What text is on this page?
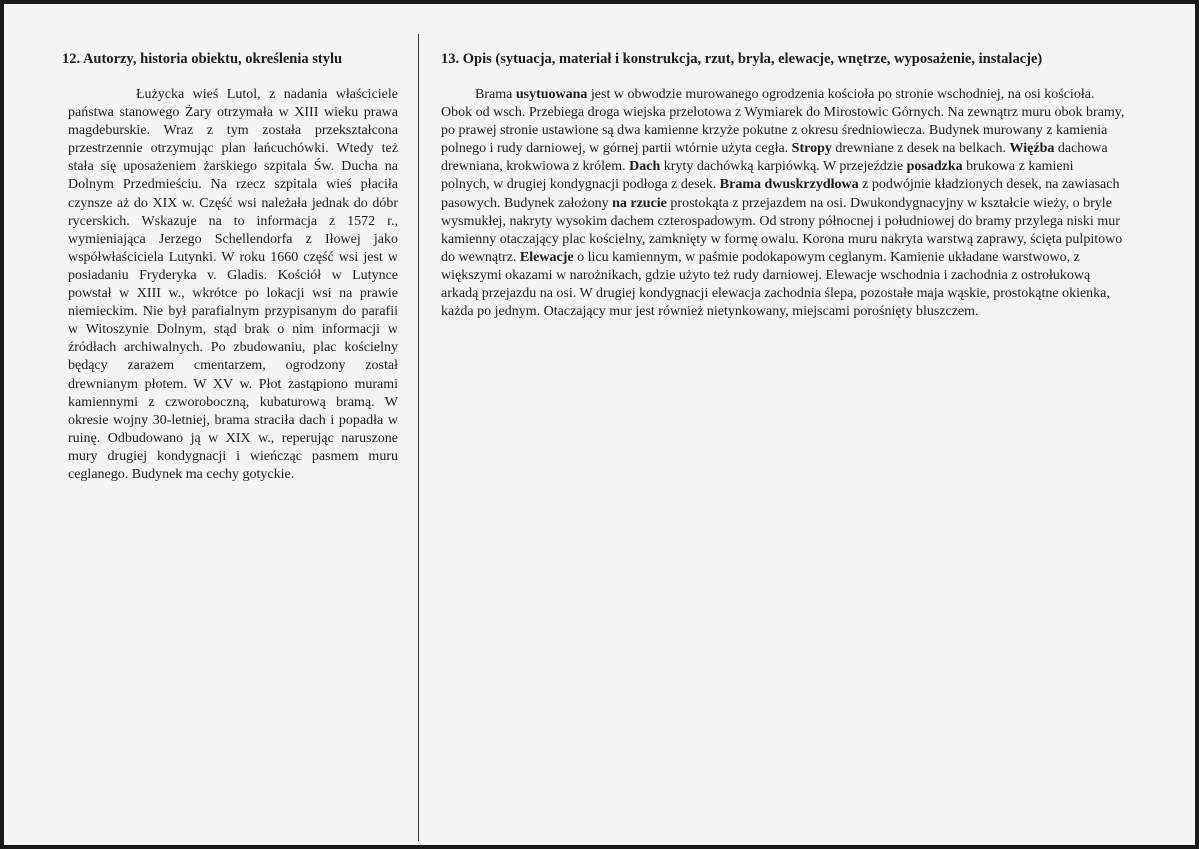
12. Autorzy, historia obiektu, określenia stylu

Łużycka wieś Lutol, z nadania właściciele państwa stanowego Żary otrzymała w XIII wieku prawa magdeburskie. Wraz z tym została przekształcona przestrzennie otrzymując plan łańcuchówki. Wtedy też stała się uposażeniem żarskiego szpitala Św. Ducha na Dolnym Przedmieściu. Na rzecz szpitala wieś płaciła czynsze aż do XIX w. Część wsi należała jednak do dóbr rycerskich. Wskazuje na to informacja z 1572 r., wymieniająca Jerzego Schellendorfa z Iłowej jako współwłaściciela Lutynki. W roku 1660 część wsi jest w posiadaniu Fryderyka v. Gladis. Kościół w Lutynce powstał w XIII w., wkrótce po lokacji wsi na prawie niemieckim. Nie był parafialnym przypisanym do parafii w Witoszynie Dolnym, stąd brak o nim informacji w źródłach archiwalnych. Po zbudowaniu, plac kościelny będący zarazem cmentarzem, ogrodzony został drewnianym płotem. W XV w. Płot zastąpiono murami kamiennymi z czworoboczną, kubaturową bramą. W okresie wojny 30-letniej, brama straciła dach i popadła w ruinę. Odbudowano ją w XIX w., reperując naruszone mury drugiej kondygnacji i wieńcząc pasmem muru ceglanego. Budynek ma cechy gotyckie.

13. Opis (sytuacja, materiał i konstrukcja, rzut, bryła, elewacje, wnętrze, wyposażenie, instalacje)

Brama usytuowana jest w obwodzie murowanego ogrodzenia kościoła po stronie wschodniej, na osi kościoła. Obok od wsch. Przebiega droga wiejska przelotowa z Wymiarek do Mirostowic Górnych. Na zewnątrz muru obok bramy, po prawej stronie ustawione są dwa kamienne krzyże pokutne z okresu średniowiecza. Budynek murowany z kamienia polnego i rudy darniowej, w górnej partii wtórnie użyta cegła. Stropy drewniane z desek na belkach. Więźba dachowa drewniana, krokwiowa z królem. Dach kryty dachówką karpiówką. W przejeździe posadzka brukowa z kamieni polnych, w drugiej kondygnacji podłoga z desek. Brama dwuskrzydłowa z podwójnie kładzionych desek, na zawiasach pasowych. Budynek założony na rzucie prostokąta z przejazdem na osi. Dwukondygnacyjny w kształcie wieży, o bryle wysmukłej, nakryty wysokim dachem czterospadowym. Od strony północnej i południowej do bramy przylega niski mur kamienny otaczający plac kościelny, zamknięty w formę owalu. Korona muru nakryta warstwą zaprawy, ścięta pulpitowo do wewnątrz. Elewacje o licu kamiennym, w paśmie podokapowym ceglanym. Kamienie układane warstwowo, z większymi okazami w narożnikach, gdzie użyto też rudy darniowej. Elewacje wschodnia i zachodnia z ostrołukową arkadą przejazdu na osi. W drugiej kondygnacji elewacja zachodnia ślepa, pozostałe maja wąskie, prostokątne okienka, każda po jednym. Otaczający mur jest również nietynkowany, miejscami porośnięty bluszczem.
